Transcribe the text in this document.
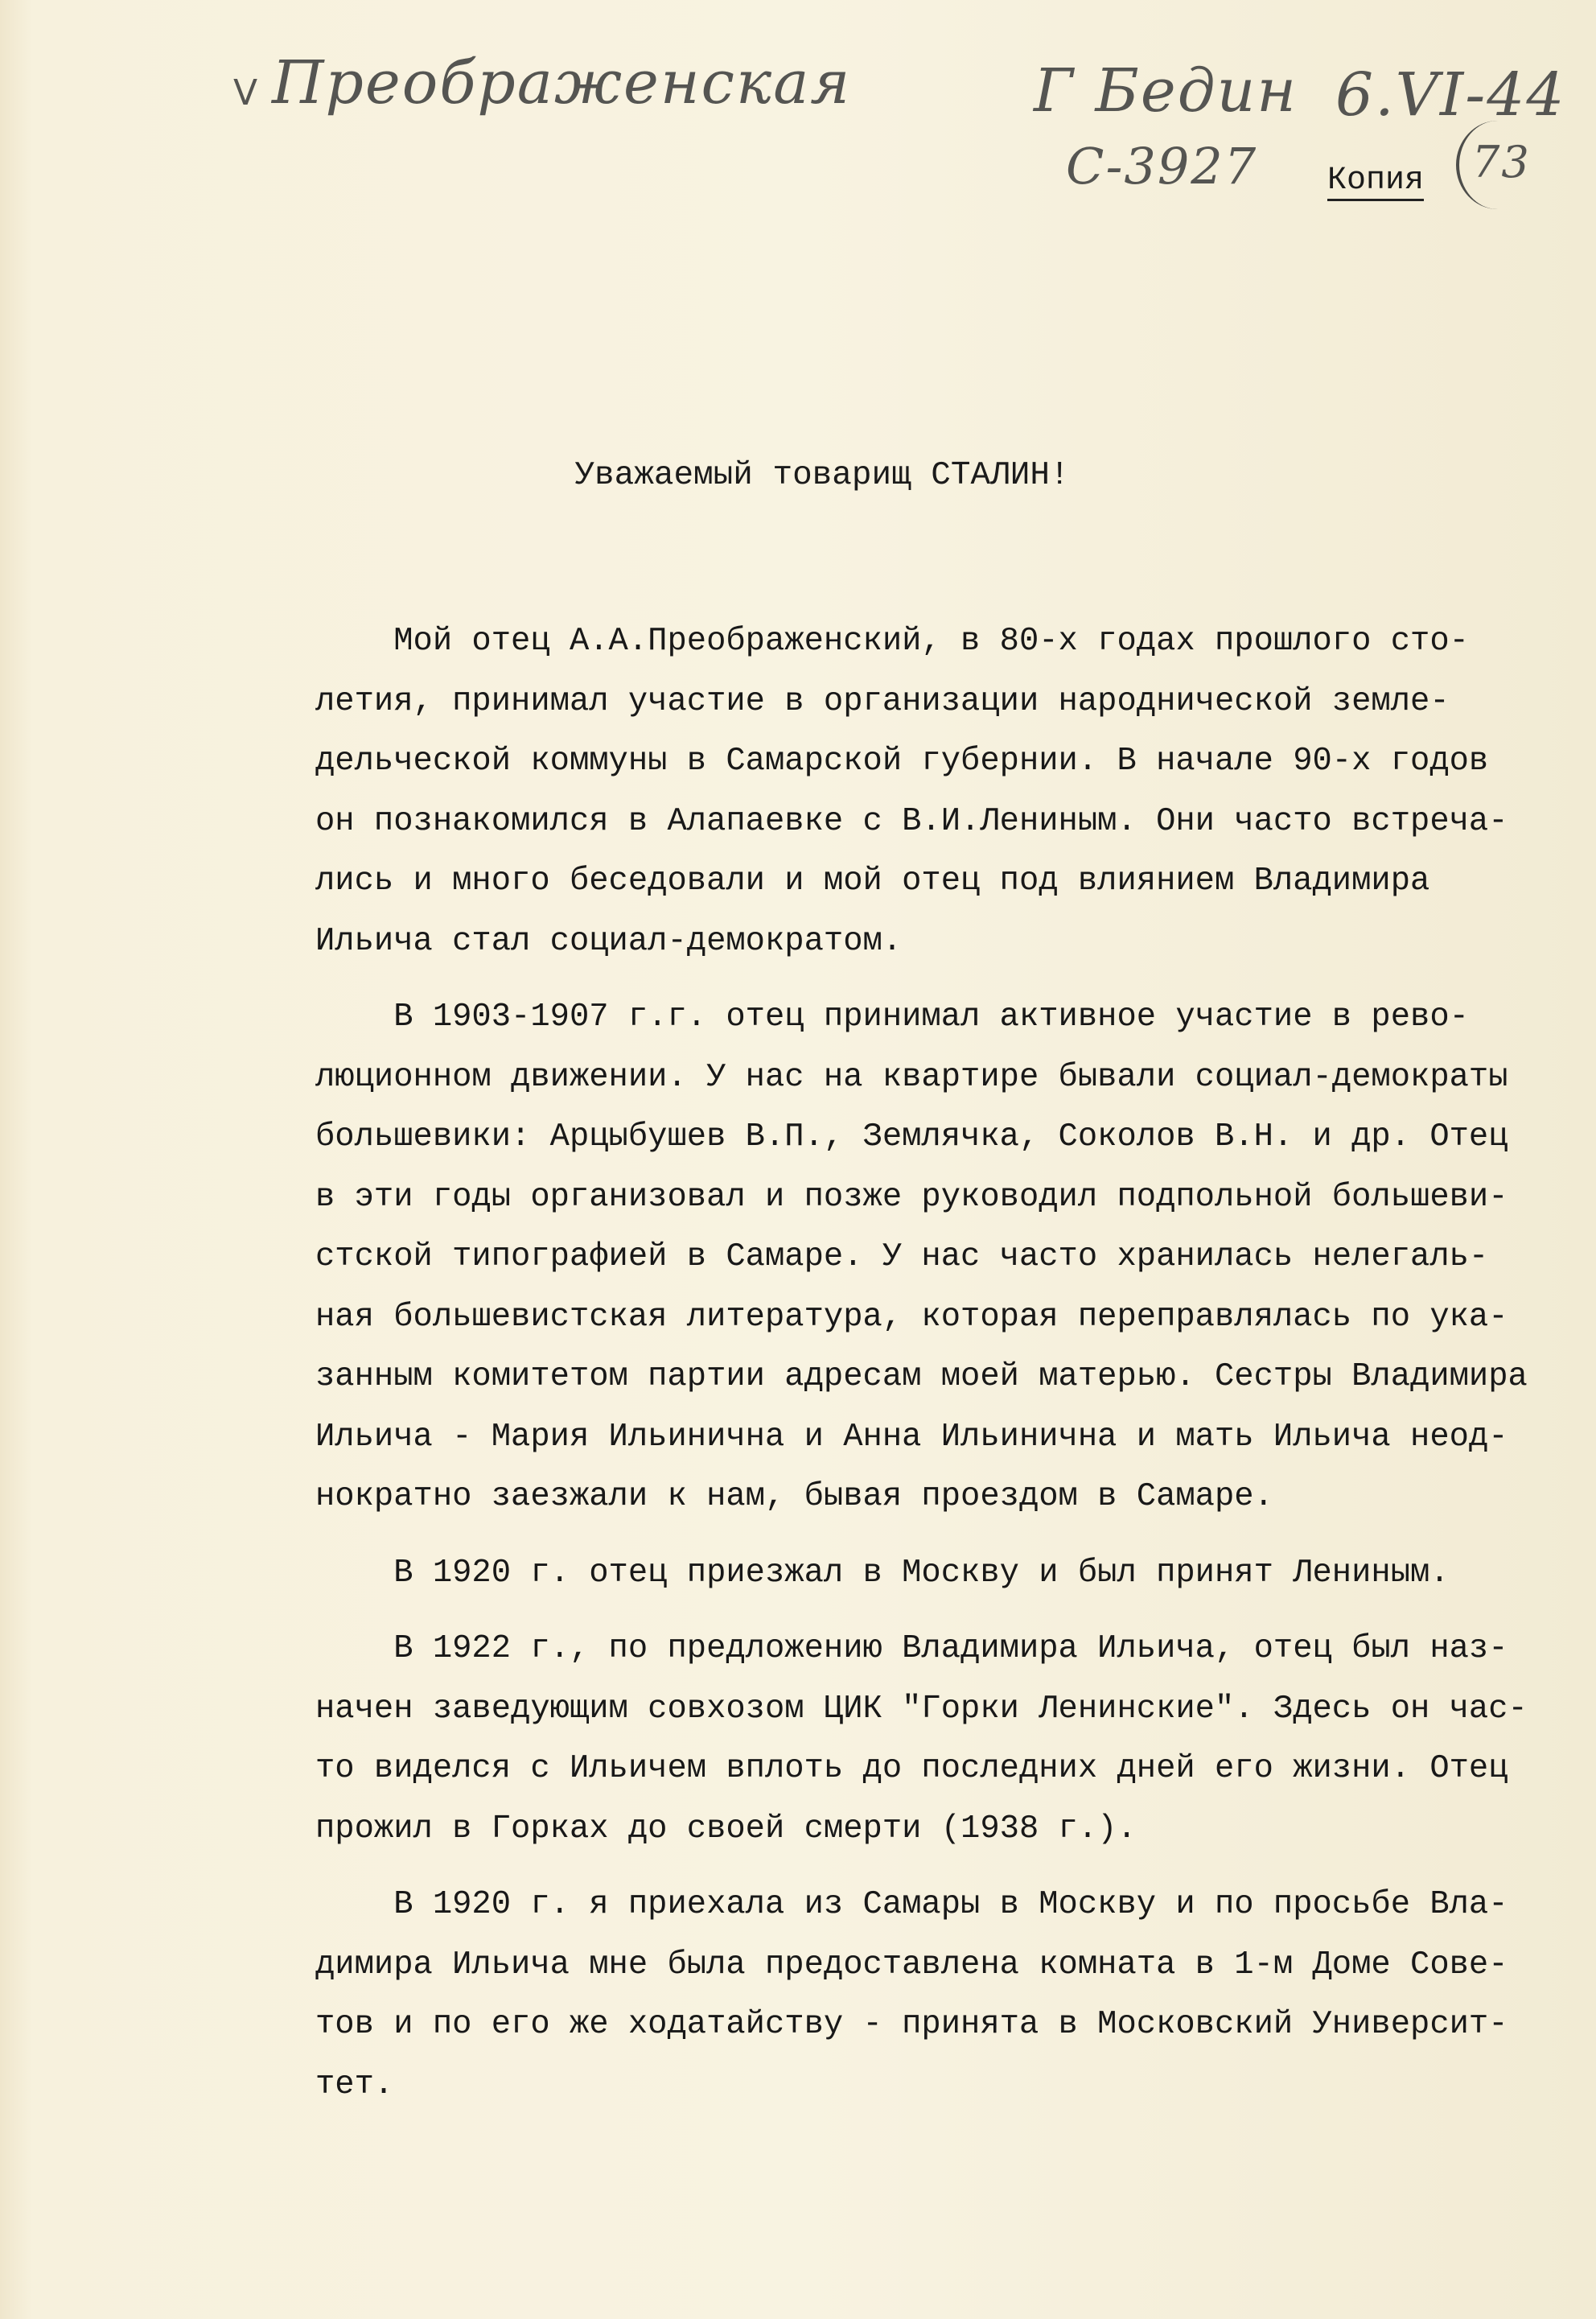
V Преображенская	Г Бедин 6.VI-44
С-3927	73
Копия
Уважаемый товарищ СТАЛИН!
Мой отец А.А.Преображенский, в 80-х годах прошлого сто-
летия, принимал участие в организации народнической земле-
дельческой коммуны в Самарской губернии. В начале 90-х годов
он познакомился в Алапаевке с В.И.Лениным. Они часто встреча-
лись и много беседовали и мой отец под влиянием Владимира
Ильича стал социал-демократом.
В 1903-1907 г.г. отец принимал активное участие в рево-
люционном движении. У нас на квартире бывали социал-демократы
большевики: Арцыбушев В.П., Землячка, Соколов В.Н. и др. Отец
в эти годы организовал и позже руководил подпольной большеви-
стской типографией в Самаре. У нас часто хранилась нелегаль-
ная большевистская литература, которая переправлялась по ука-
занным комитетом партии адресам моей матерью. Сестры Владимира
Ильича - Мария Ильинична и Анна Ильинична и мать Ильича неод-
нократно заезжали к нам, бывая проездом в Самаре.
В 1920 г. отец приезжал в Москву и был принят Лениным.
В 1922 г., по предложению Владимира Ильича, отец был наз-
начен заведующим совхозом ЦИК "Горки Ленинские". Здесь он час-
то виделся с Ильичем вплоть до последних дней его жизни. Отец
прожил в Горках до своей смерти (1938 г.).
В 1920 г. я приехала из Самары в Москву и по просьбе Вла-
димира Ильича мне была предоставлена комната в 1-м Доме Сове-
тов и по его же ходатайству - принята в Московский Университ-
тет.
